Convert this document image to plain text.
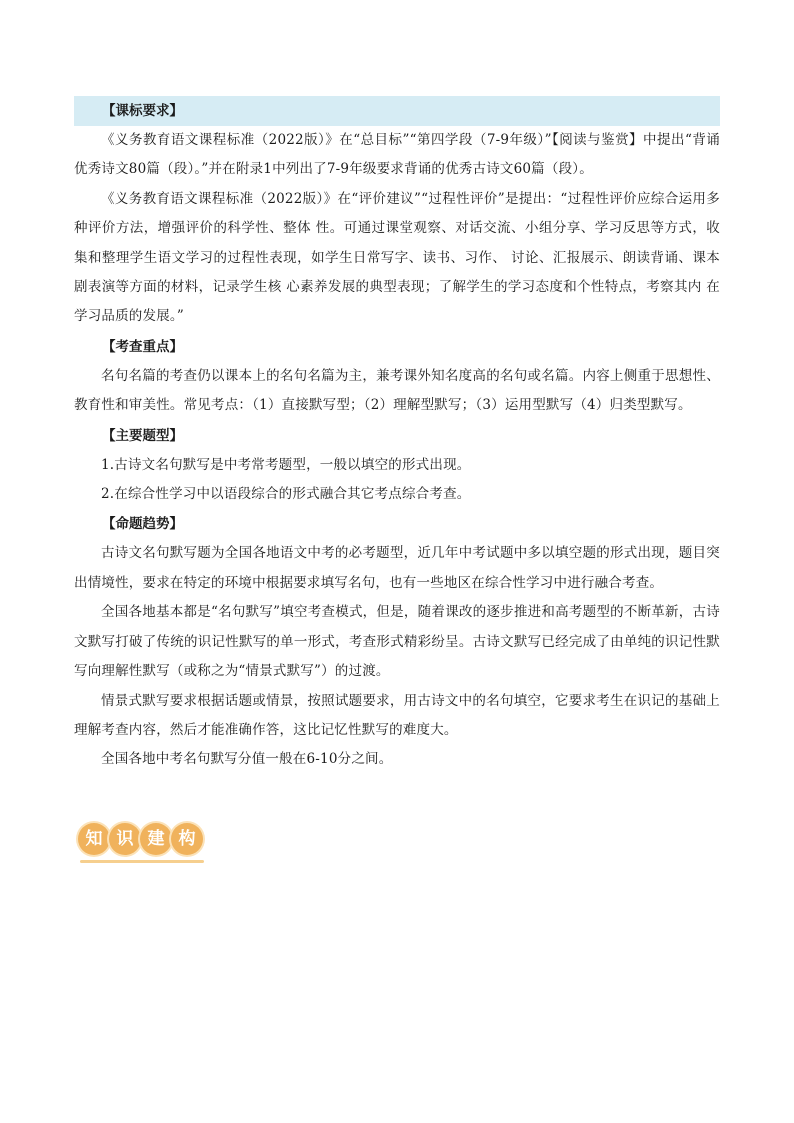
【课标要求】

《义务教育语文课程标准（2022版）》在“总目标”“第四学段（7-9年级）”【阅读与鉴赏】中提出“背诵优秀诗文80篇（段）。”并在附录1中列出了7-9年级要求背诵的优秀古诗文60篇（段）。

《义务教育语文课程标准（2022版）》在“评价建议”“过程性评价”是提出：“过程性评价应综合运用多种评价方法，增强评价的科学性、整体 性。可通过课堂观察、对话交流、小组分享、学习反思等方式，收集和整理学生语文学习的过程性表现，如学生日常写字、读书、习作、 讨论、汇报展示、朗读背诵、课本剧表演等方面的材料，记录学生核 心素养发展的典型表现；了解学生的学习态度和个性特点，考察其内 在学习品质的发展。”

【考查重点】

名句名篇的考查仍以课本上的名句名篇为主，兼考课外知名度高的名句或名篇。内容上侧重于思想性、教育性和审美性。常见考点：（1）直接默写型；（2）理解型默写；（3）运用型默写（4）归类型默写。

【主要题型】

1.古诗文名句默写是中考常考题型，一般以填空的形式出现。

2.在综合性学习中以语段综合的形式融合其它考点综合考查。

【命题趋势】

古诗文名句默写题为全国各地语文中考的必考题型，近几年中考试题中多以填空题的形式出现，题目突出情境性，要求在特定的环境中根据要求填写名句，也有一些地区在综合性学习中进行融合考查。

全国各地基本都是“名句默写”填空考查模式，但是，随着课改的逐步推进和高考题型的不断革新，古诗文默写打破了传统的识记性默写的单一形式，考查形式精彩纷呈。古诗文默写已经完成了由单纯的识记性默写向理解性默写（或称之为“情景式默写”）的过渡。

情景式默写要求根据话题或情景，按照试题要求，用古诗文中的名句填空，它要求考生在识记的基础上理解考查内容，然后才能准确作答，这比记忆性默写的难度大。

全国各地中考名句默写分值一般在6-10分之间。

知 识 建 构
